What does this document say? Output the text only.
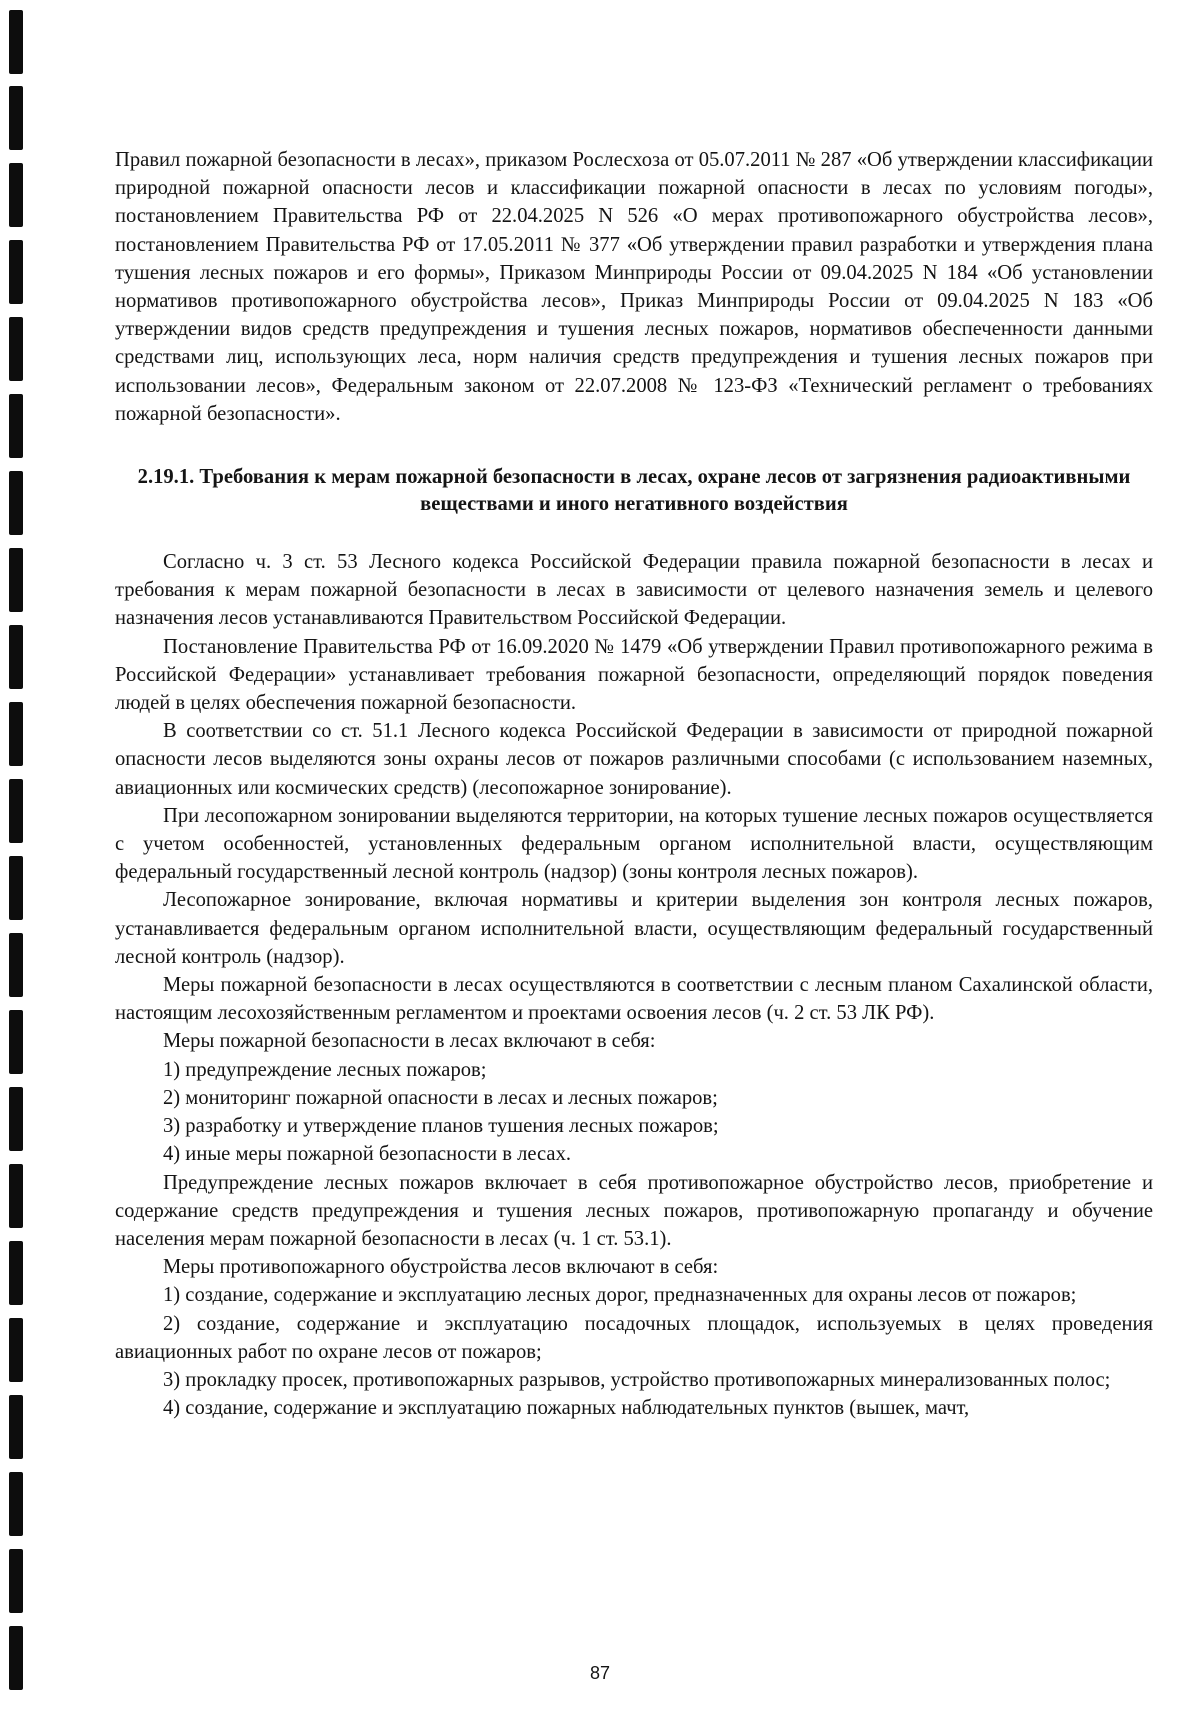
Правил пожарной безопасности в лесах», приказом Рослесхоза от 05.07.2011 № 287 «Об утверждении классификации природной пожарной опасности лесов и классификации пожарной опасности в лесах по условиям погоды», постановлением Правительства РФ от 22.04.2025 N 526 «О мерах противопожарного обустройства лесов», постановлением Правительства РФ от 17.05.2011 № 377 «Об утверждении правил разработки и утверждения плана тушения лесных пожаров и его формы», Приказом Минприроды России от 09.04.2025 N 184 «Об установлении нормативов противопожарного обустройства лесов», Приказ Минприроды России от 09.04.2025 N 183 «Об утверждении видов средств предупреждения и тушения лесных пожаров, нормативов обеспеченности данными средствами лиц, использующих леса, норм наличия средств предупреждения и тушения лесных пожаров при использовании лесов», Федеральным законом от 22.07.2008 № 123-ФЗ «Технический регламент о требованиях пожарной безопасности».

2.19.1. Требования к мерам пожарной безопасности в лесах, охране лесов от загрязнения радиоактивными веществами и иного негативного воздействия

Согласно ч. 3 ст. 53 Лесного кодекса Российской Федерации правила пожарной безопасности в лесах и требования к мерам пожарной безопасности в лесах в зависимости от целевого назначения земель и целевого назначения лесов устанавливаются Правительством Российской Федерации.

Постановление Правительства РФ от 16.09.2020 № 1479 «Об утверждении Правил противопожарного режима в Российской Федерации» устанавливает требования пожарной безопасности, определяющий порядок поведения людей в целях обеспечения пожарной безопасности.

В соответствии со ст. 51.1 Лесного кодекса Российской Федерации в зависимости от природной пожарной опасности лесов выделяются зоны охраны лесов от пожаров различными способами (с использованием наземных, авиационных или космических средств) (лесопожарное зонирование).

При лесопожарном зонировании выделяются территории, на которых тушение лесных пожаров осуществляется с учетом особенностей, установленных федеральным органом исполнительной власти, осуществляющим федеральный государственный лесной контроль (надзор) (зоны контроля лесных пожаров).

Лесопожарное зонирование, включая нормативы и критерии выделения зон контроля лесных пожаров, устанавливается федеральным органом исполнительной власти, осуществляющим федеральный государственный лесной контроль (надзор).

Меры пожарной безопасности в лесах осуществляются в соответствии с лесным планом Сахалинской области, настоящим лесохозяйственным регламентом и проектами освоения лесов (ч. 2 ст. 53 ЛК РФ).

Меры пожарной безопасности в лесах включают в себя:

1) предупреждение лесных пожаров;

2) мониторинг пожарной опасности в лесах и лесных пожаров;

3) разработку и утверждение планов тушения лесных пожаров;

4) иные меры пожарной безопасности в лесах.

Предупреждение лесных пожаров включает в себя противопожарное обустройство лесов, приобретение и содержание средств предупреждения и тушения лесных пожаров, противопожарную пропаганду и обучение населения мерам пожарной безопасности в лесах (ч. 1 ст. 53.1).

Меры противопожарного обустройства лесов включают в себя:

1) создание, содержание и эксплуатацию лесных дорог, предназначенных для охраны лесов от пожаров;

2) создание, содержание и эксплуатацию посадочных площадок, используемых в целях проведения авиационных работ по охране лесов от пожаров;

3) прокладку просек, противопожарных разрывов, устройство противопожарных минерализованных полос;

4) создание, содержание и эксплуатацию пожарных наблюдательных пунктов (вышек, мачт,

87
